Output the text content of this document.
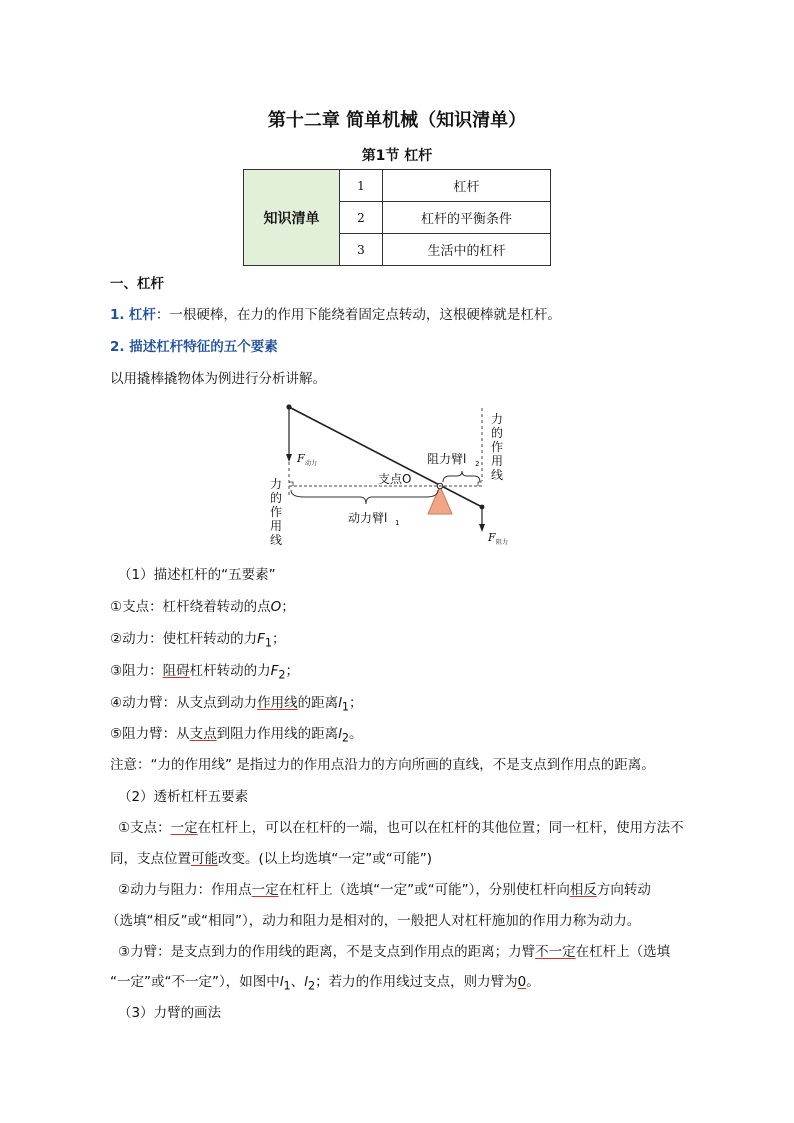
第十二章 简单机械（知识清单）
第1节 杠杆
知识清单	1	杠杆
	2	杠杆的平衡条件
	3	生活中的杠杆
一、杠杆
1. 杠杆：一根硬棒，在力的作用下能绕着固定点转动，这根硬棒就是杠杆。
2. 描述杠杆特征的五个要素
以用撬棒撬物体为例进行分析讲解。
F 动力
F 阻力
支点O
阻力臂l 2
动力臂l 1
力
的
作
用
线
力
的
作
用
线
（1）描述杠杆的“五要素”
①支点：杠杆绕着转动的点O；
②动力：使杠杆转动的力$F_1$；
③阻力：阻碍杠杆转动的力$F_2$；
④动力臂：从支点到动力作用线的距离$l_1$；
⑤阻力臂：从支点到阻力作用线的距离$l_2$。
注意：“力的作用线” 是指过力的作用点沿力的方向所画的直线，不是支点到作用点的距离。
（2）透析杠杆五要素
①支点：一定在杠杆上，可以在杠杆的一端，也可以在杠杆的其他位置；同一杠杆，使用方法不
同，支点位置可能改变。(以上均选填“一定”或“可能”)
②动力与阻力：作用点一定在杠杆上（选填“一定”或“可能”），分别使杠杆向相反方向转动
（选填“相反”或“相同”），动力和阻力是相对的，一般把人对杠杆施加的作用力称为动力。
③力臂：是支点到力的作用线的距离，不是支点到作用点的距离；力臂不一定在杠杆上（选填
“一定”或“不一定”），如图中$l_1$、$l_2$；若力的作用线过支点，则力臂为0。
（3）力臂的画法
